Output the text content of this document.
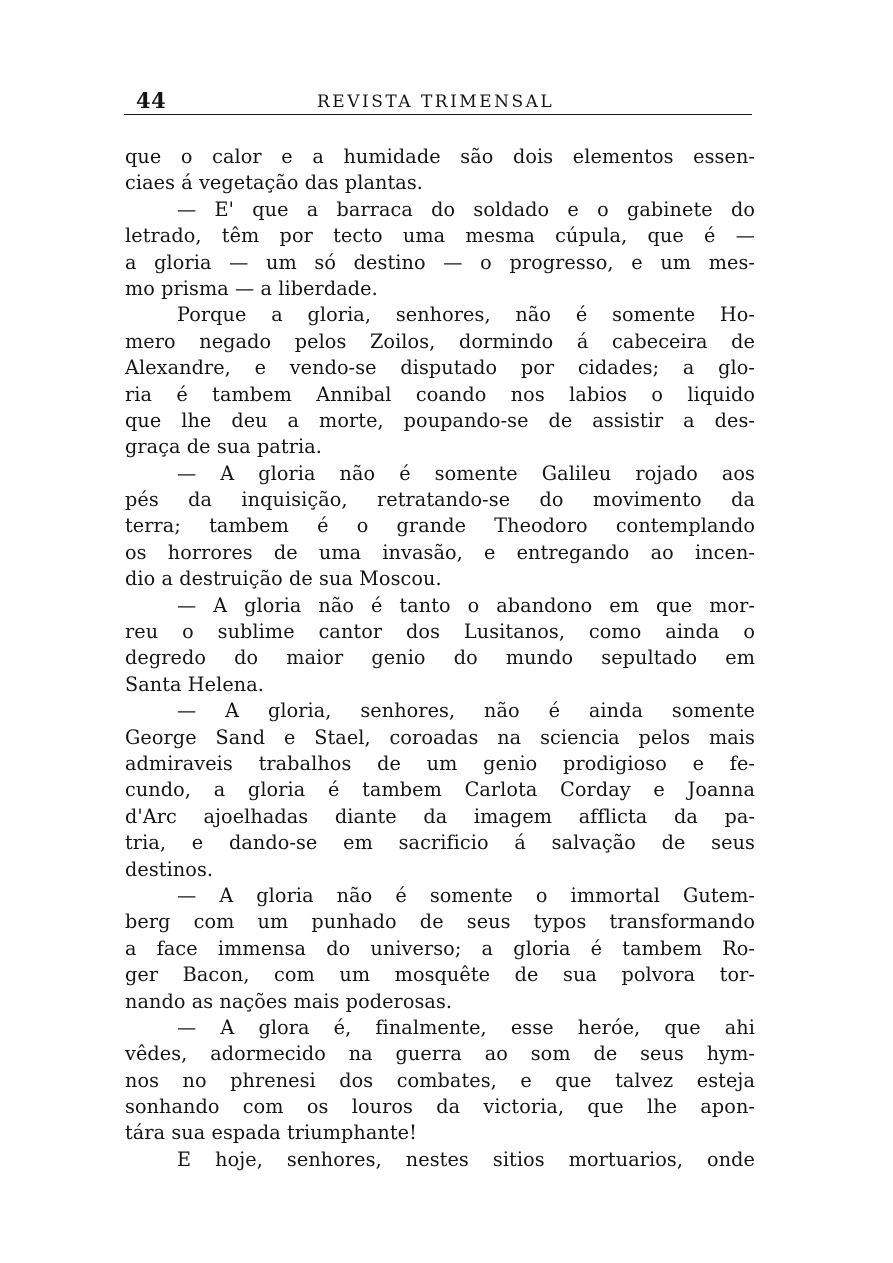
44	REVISTA TRIMENSAL
que o calor e a humidade são dois elementos essen-
ciaes á vegetação das plantas.
— E' que a barraca do soldado e o gabinete do
letrado, têm por tecto uma mesma cúpula, que é —
a gloria — um só destino — o progresso, e um mes-
mo prisma — a liberdade.
Porque a gloria, senhores, não é somente Ho-
mero negado pelos Zoilos, dormindo á cabeceira de
Alexandre, e vendo-se disputado por cidades; a glo-
ria é tambem Annibal coando nos labios o liquido
que lhe deu a morte, poupando-se de assistir a des-
graça de sua patria.
— A gloria não é somente Galileu rojado aos
pés da inquisição, retratando-se do movimento da
terra; tambem é o grande Theodoro contemplando
os horrores de uma invasão, e entregando ao incen-
dio a destruição de sua Moscou.
— A gloria não é tanto o abandono em que mor-
reu o sublime cantor dos Lusitanos, como ainda o
degredo do maior genio do mundo sepultado em
Santa Helena.
— A gloria, senhores, não é ainda somente
George Sand e Stael, coroadas na sciencia pelos mais
admiraveis trabalhos de um genio prodigioso e fe-
cundo, a gloria é tambem Carlota Corday e Joanna
d'Arc ajoelhadas diante da imagem afflicta da pa-
tria, e dando-se em sacrificio á salvação de seus
destinos.
— A gloria não é somente o immortal Gutem-
berg com um punhado de seus typos transformando
a face immensa do universo; a gloria é tambem Ro-
ger Bacon, com um mosquête de sua polvora tor-
nando as nações mais poderosas.
— A glora é, finalmente, esse heróe, que ahi
vêdes, adormecido na guerra ao som de seus hym-
nos no phrenesi dos combates, e que talvez esteja
sonhando com os louros da victoria, que lhe apon-
tára sua espada triumphante!
E hoje, senhores, nestes sitios mortuarios, onde
